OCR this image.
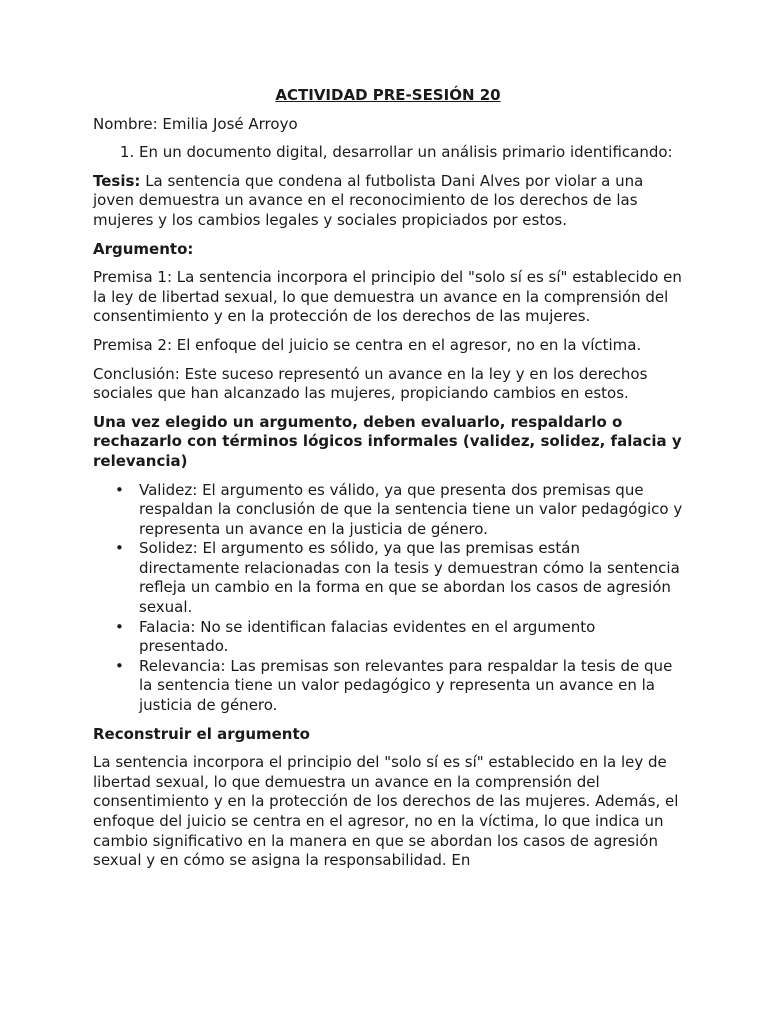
ACTIVIDAD PRE-SESIÓN 20

Nombre: Emilia José Arroyo

1. En un documento digital, desarrollar un análisis primario identificando:

Tesis: La sentencia que condena al futbolista Dani Alves por violar a una joven demuestra un avance en el reconocimiento de los derechos de las mujeres y los cambios legales y sociales propiciados por estos.

Argumento:

Premisa 1: La sentencia incorpora el principio del "solo sí es sí" establecido en la ley de libertad sexual, lo que demuestra un avance en la comprensión del consentimiento y en la protección de los derechos de las mujeres.

Premisa 2: El enfoque del juicio se centra en el agresor, no en la víctima.

Conclusión: Este suceso representó un avance en la ley y en los derechos sociales que han alcanzado las mujeres, propiciando cambios en estos.

Una vez elegido un argumento, deben evaluarlo, respaldarlo o rechazarlo con términos lógicos informales (validez, solidez, falacia y relevancia)

• Validez: El argumento es válido, ya que presenta dos premisas que respaldan la conclusión de que la sentencia tiene un valor pedagógico y representa un avance en la justicia de género.
• Solidez: El argumento es sólido, ya que las premisas están directamente relacionadas con la tesis y demuestran cómo la sentencia refleja un cambio en la forma en que se abordan los casos de agresión sexual.
• Falacia: No se identifican falacias evidentes en el argumento presentado.
• Relevancia: Las premisas son relevantes para respaldar la tesis de que la sentencia tiene un valor pedagógico y representa un avance en la justicia de género.

Reconstruir el argumento

La sentencia incorpora el principio del "solo sí es sí" establecido en la ley de libertad sexual, lo que demuestra un avance en la comprensión del consentimiento y en la protección de los derechos de las mujeres. Además, el enfoque del juicio se centra en el agresor, no en la víctima, lo que indica un cambio significativo en la manera en que se abordan los casos de agresión sexual y en cómo se asigna la responsabilidad. En
